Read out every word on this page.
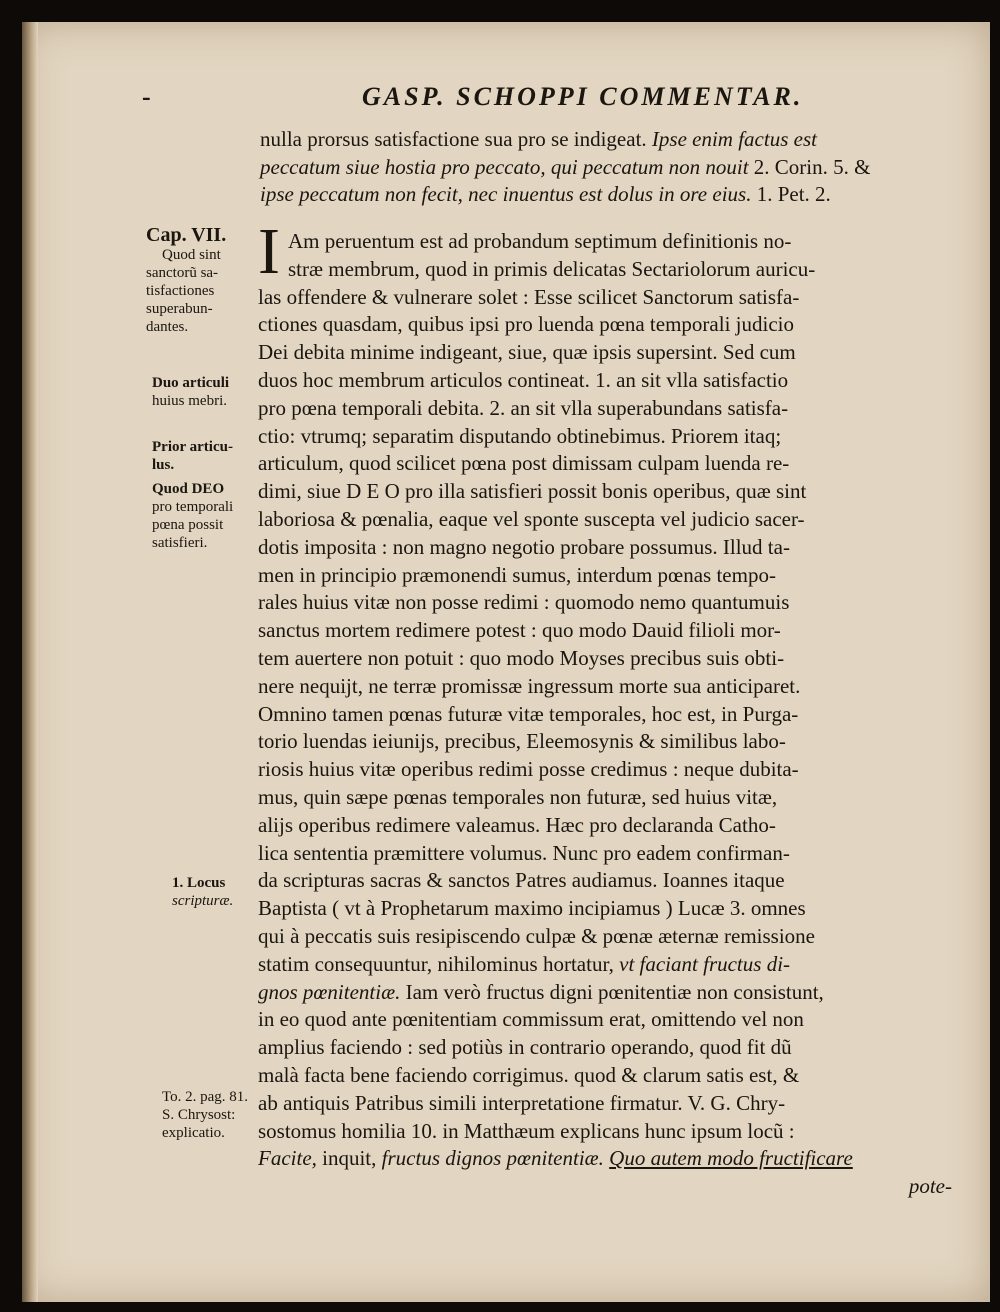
-	GASP. SCHOPPI COMMENTAR.
nulla prorsus satisfactione sua pro se indigeat. Ipse enim factus est
peccatum siue hostia pro peccato, qui peccatum non nouit 2. Corin. 5. &
ipse peccatum non fecit, nec inuentus est dolus in ore eius. 1. Pet. 2.
I Am peruentum est ad probandum septimum definitionis no-
stræ membrum, quod in primis delicatas Sectariolorum auricu-
las offendere & vulnerare solet : Esse scilicet Sanctorum satisfa-
ctiones quasdam, quibus ipsi pro luenda pœna temporali judicio
Dei debita minime indigeant, siue, quæ ipsis supersint. Sed cum
duos hoc membrum articulos contineat. 1. an sit vlla satisfactio
pro pœna temporali debita. 2. an sit vlla superabundans satisfa-
ctio: vtrumq; separatim disputando obtinebimus. Priorem itaq;
articulum, quod scilicet pœna post dimissam culpam luenda re-
dimi, siue D E O pro illa satisfieri possit bonis operibus, quæ sint
laboriosa & pœnalia, eaque vel sponte suscepta vel judicio sacer-
dotis imposita : non magno negotio probare possumus. Illud ta-
men in principio præmonendi sumus, interdum pœnas tempo-
rales huius vitæ non posse redimi : quomodo nemo quantumuis
sanctus mortem redimere potest : quo modo Dauid filioli mor-
tem auertere non potuit : quo modo Moyses precibus suis obti-
nere nequijt, ne terræ promissæ ingressum morte sua anticiparet.
Omnino tamen pœnas futuræ vitæ temporales, hoc est, in Purga-
torio luendas ieiunijs, precibus, Eleemosynis & similibus labo-
riosis huius vitæ operibus redimi posse credimus : neque dubita-
mus, quin sæpe pœnas temporales non futuræ, sed huius vitæ,
alijs operibus redimere valeamus. Hæc pro declaranda Catho-
lica sententia præmittere volumus. Nunc pro eadem confirman-
da scripturas sacras & sanctos Patres audiamus. Ioannes itaque
Baptista ( vt à Prophetarum maximo incipiamus ) Lucæ 3. omnes
qui à peccatis suis resipiscendo culpæ & pœnæ æternæ remissione
statim consequuntur, nihilominus hortatur, vt faciant fructus di-
gnos pœnitentiæ. Iam verò fructus digni pœnitentiæ non consistunt,
in eo quod ante pœnitentiam commissum erat, omittendo vel non
amplius faciendo : sed potiùs in contrario operando, quod fit dũ
malà facta bene faciendo corrigimus. quod & clarum satis est, &
ab antiquis Patribus simili interpretatione firmatur. V. G. Chry-
sostomus homilia 10. in Matthæum explicans hunc ipsum locũ :
Facite, inquit, fructus dignos pœnitentiæ. Quo autem modo fructificare
pote-
Cap. VII.
Quod sint
sanctorũ sa-
tisfactiones
superabun-
dantes.
Duo articuli
huius mebri.
Prior articu-
lus.
Quod DEO
pro temporali
pœna possit
satisfieri.
1. Locus
scripturæ.
To. 2. pag. 81.
S. Chrysost:
explicatio.
